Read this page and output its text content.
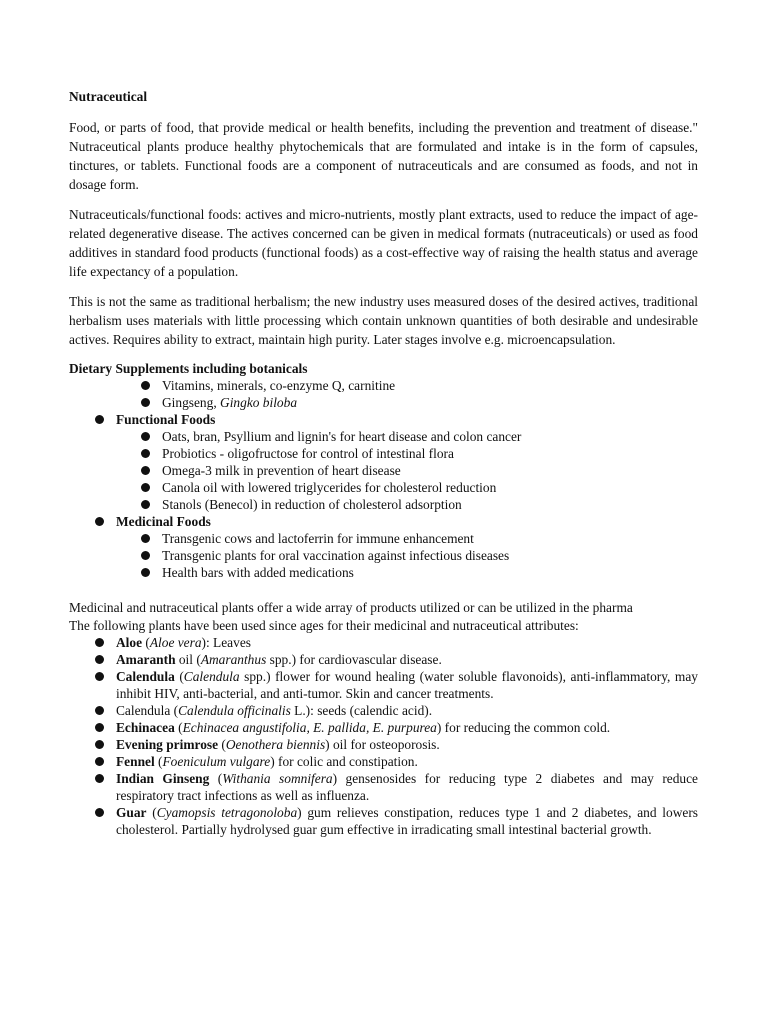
Nutraceutical

Food, or parts of food, that provide medical or health benefits, including the prevention and treatment of disease." Nutraceutical plants produce healthy phytochemicals that are formulated and intake is in the form of capsules, tinctures, or tablets. Functional foods are a component of nutraceuticals and are consumed as foods, and not in dosage form.

Nutraceuticals/functional foods: actives and micro-nutrients, mostly plant extracts, used to reduce the impact of age-related degenerative disease. The actives concerned can be given in medical formats (nutraceuticals) or used as food additives in standard food products (functional foods) as a cost-effective way of raising the health status and average life expectancy of a population.

This is not the same as traditional herbalism; the new industry uses measured doses of the desired actives, traditional herbalism uses materials with little processing which contain unknown quantities of both desirable and undesirable actives. Requires ability to extract, maintain high purity. Later stages involve e.g. microencapsulation.

Dietary Supplements including botanicals
Vitamins, minerals, co-enzyme Q, carnitine
Gingseng, Gingko biloba
Functional Foods
Oats, bran, Psyllium and lignin's for heart disease and colon cancer
Probiotics - oligofructose for control of intestinal flora
Omega-3 milk in prevention of heart disease
Canola oil with lowered triglycerides for cholesterol reduction
Stanols (Benecol) in reduction of cholesterol adsorption
Medicinal Foods
Transgenic cows and lactoferrin for immune enhancement
Transgenic plants for oral vaccination against infectious diseases
Health bars with added medications

Medicinal and nutraceutical plants offer a wide array of products utilized or can be utilized in the pharma

The following plants have been used since ages for their medicinal and nutraceutical attributes:

Aloe (Aloe vera): Leaves
Amaranth oil (Amaranthus spp.) for cardiovascular disease.
Calendula (Calendula spp.) flower for wound healing (water soluble flavonoids), anti-inflammatory, may inhibit HIV, anti-bacterial, and anti-tumor. Skin and cancer treatments.
Calendula (Calendula officinalis L.): seeds (calendic acid).
Echinacea (Echinacea angustifolia, E. pallida, E. purpurea) for reducing the common cold.
Evening primrose (Oenothera biennis) oil for osteoporosis.
Fennel (Foeniculum vulgare) for colic and constipation.
Indian Ginseng (Withania somnifera) gensenosides for reducing type 2 diabetes and may reduce respiratory tract infections as well as influenza.
Guar (Cyamopsis tetragonoloba) gum relieves constipation, reduces type 1 and 2 diabetes, and lowers cholesterol. Partially hydrolysed guar gum effective in irradicating small intestinal bacterial growth.
